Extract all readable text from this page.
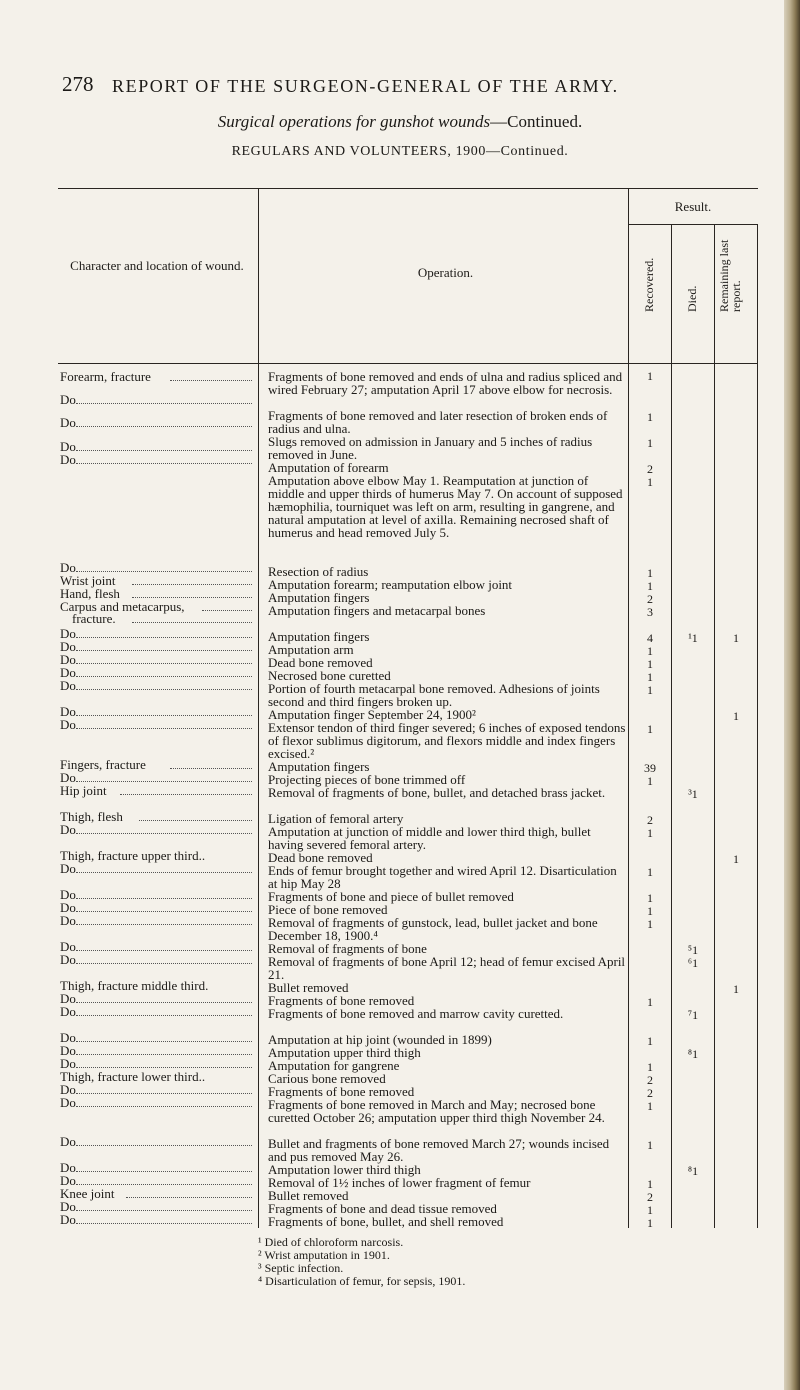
278 REPORT OF THE SURGEON-GENERAL OF THE ARMY.
Surgical operations for gunshot wounds—Continued.
REGULARS AND VOLUNTEERS, 1900—Continued.
Character and location of wound.	Operation.
Result.
Recovered. Died. Remaining last report.
Forearm, fracture
Do
Do
Do
Do
Do
Wrist joint
Hand, flesh
Carpus and metacarpus,
fracture.
Do
Do
Do
Do
Do
Do
Do
Fingers, fracture
Do
Hip joint
Thigh, flesh
Do
Thigh, fracture upper third..
Do
Do
Do
Do
Do
Do
Thigh, fracture middle third.
Do
Do
Do
Do
Do
Thigh, fracture lower third..
Do
Do
Do
Do
Do
Knee joint
Do
Do
Fragments of bone removed and ends of ulna and radius spliced and wired February 27; amputation April 17 above elbow for necrosis.
Fragments of bone removed and later resection of broken ends of radius and ulna.
Slugs removed on admission in January and 5 inches of radius removed in June.
Amputation of forearm
Amputation above elbow May 1. Reamputation at junction of middle and upper thirds of humerus May 7. On account of supposed hæmophilia, tourniquet was left on arm, resulting in gangrene, and natural amputation at level of axilla. Remaining necrosed shaft of humerus and head removed July 5.
Resection of radius
Amputation forearm; reamputation elbow joint
Amputation fingers
Amputation fingers and metacarpal bones
Amputation fingers
Amputation arm
Dead bone removed
Necrosed bone curetted
Portion of fourth metacarpal bone removed. Adhesions of joints second and third fingers broken up.
Amputation finger September 24, 1900²
Extensor tendon of third finger severed; 6 inches of exposed tendons of flexor sublimus digitorum, and flexors middle and index fingers excised.²
Amputation fingers
Projecting pieces of bone trimmed off
Removal of fragments of bone, bullet, and detached brass jacket.
Ligation of femoral artery
Amputation at junction of middle and lower third thigh, bullet having severed femoral artery.
Dead bone removed
Ends of femur brought together and wired April 12. Disarticulation at hip May 28
Fragments of bone and piece of bullet removed
Piece of bone removed
Removal of fragments of gunstock, lead, bullet jacket and bone December 18, 1900.⁴
Removal of fragments of bone
Removal of fragments of bone April 12; head of femur excised April 21.
Bullet removed
Fragments of bone removed
Fragments of bone removed and marrow cavity curetted.
Amputation at hip joint (wounded in 1899)
Amputation upper third thigh
Amputation for gangrene
Carious bone removed
Fragments of bone removed
Fragments of bone removed in March and May; necrosed bone curetted October 26; amputation upper third thigh November 24.
Bullet and fragments of bone removed March 27; wounds incised and pus removed May 26.
Amputation lower third thigh
Removal of 1½ inches of lower fragment of femur
Bullet removed
Fragments of bone and dead tissue removed
Fragments of bone, bullet, and shell removed
1
1
1
2
1
1
1
2
3
4
1
1
1
1
1
39
1
2
1
1
1
1
1
1
1
1
2
2
1
1
1
2
1
1
¹1
³1
⁵1
⁶1
⁷1
⁸1
⁸1
1
1
1
1
¹ Died of chloroform narcosis.
² Wrist amputation in 1901.
³ Septic infection.
⁴ Disarticulation of femur, for sepsis, 1901.
